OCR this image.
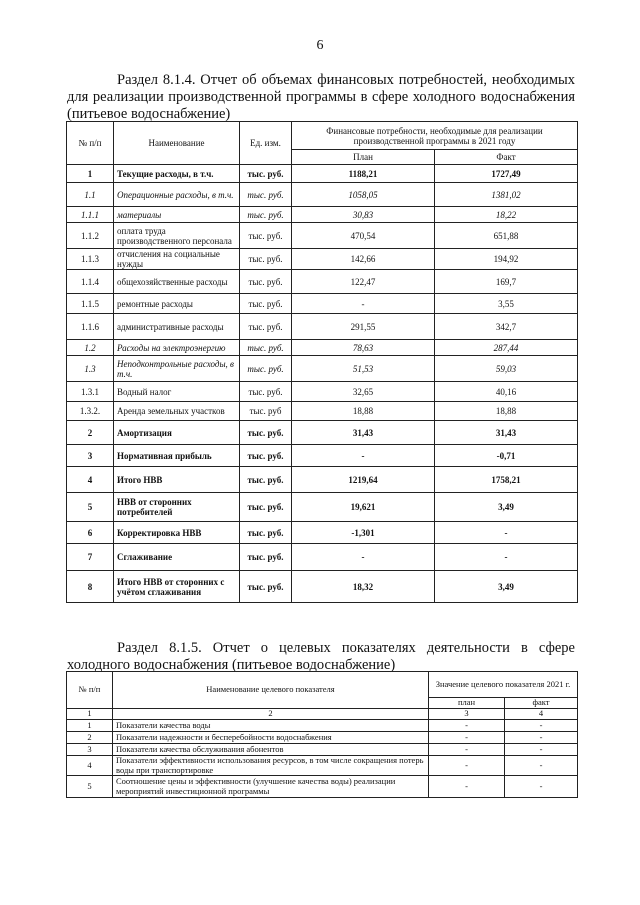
6
Раздел 8.1.4. Отчет об объемах финансовых потребностей, необходимых для реализации производственной программы в сфере холодного водоснабжения (питьевое водоснабжение)
№ п/п	Наименование	Ед. изм.	Финансовые потребности, необходимые для реализации производственной программы в 2021 году	
			План	Факт
1	Текущие расходы, в т.ч.	тыс. руб.	1188,21	1727,49
1.1	Операционные расходы, в т.ч.	тыс. руб.	1058,05	1381,02
1.1.1	материалы	тыс. руб.	30,83	18,22
1.1.2	оплата труда производственного персонала	тыс. руб.	470,54	651,88
1.1.3	отчисления на социальные нужды	тыс. руб.	142,66	194,92
1.1.4	общехозяйственные расходы	тыс. руб.	122,47	169,7
1.1.5	ремонтные расходы	тыс. руб.	-	3,55
1.1.6	административные расходы	тыс. руб.	291,55	342,7
1.2	Расходы на электроэнергию	тыс. руб.	78,63	287,44
1.3	Неподконтрольные расходы, в т.ч.	тыс. руб.	51,53	59,03
1.3.1	Водный налог	тыс. руб.	32,65	40,16
1.3.2.	Аренда земельных участков	тыс. руб	18,88	18,88
2	Амортизация	тыс. руб.	31,43	31,43
3	Нормативная прибыль	тыс. руб.	-	-0,71
4	Итого НВВ	тыс. руб.	1219,64	1758,21
5	НВВ от сторонних потребителей	тыс. руб.	19,621	3,49
6	Корректировка НВВ	тыс. руб.	-1,301	-
7	Сглаживание	тыс. руб.	-	-
8	Итого НВВ от сторонних с учётом сглаживания	тыс. руб.	18,32	3,49
Раздел 8.1.5. Отчет о целевых показателях деятельности в сфере холодного водоснабжения (питьевое водоснабжение)
№ п/п	Наименование целевого показателя	Значение целевого показателя 2021 г.	
		план	факт
1	2	3	4
1	Показатели качества воды	-	-
2	Показатели надежности и бесперебойности водоснабжения	-	-
3	Показатели качества обслуживания абонентов	-	-
4	Показатели эффективности использования ресурсов, в том числе сокращения потерь воды при транспортировке	-	-
5	Соотношение цены и эффективности (улучшение качества воды) реализации мероприятий инвестиционной программы	-	-
